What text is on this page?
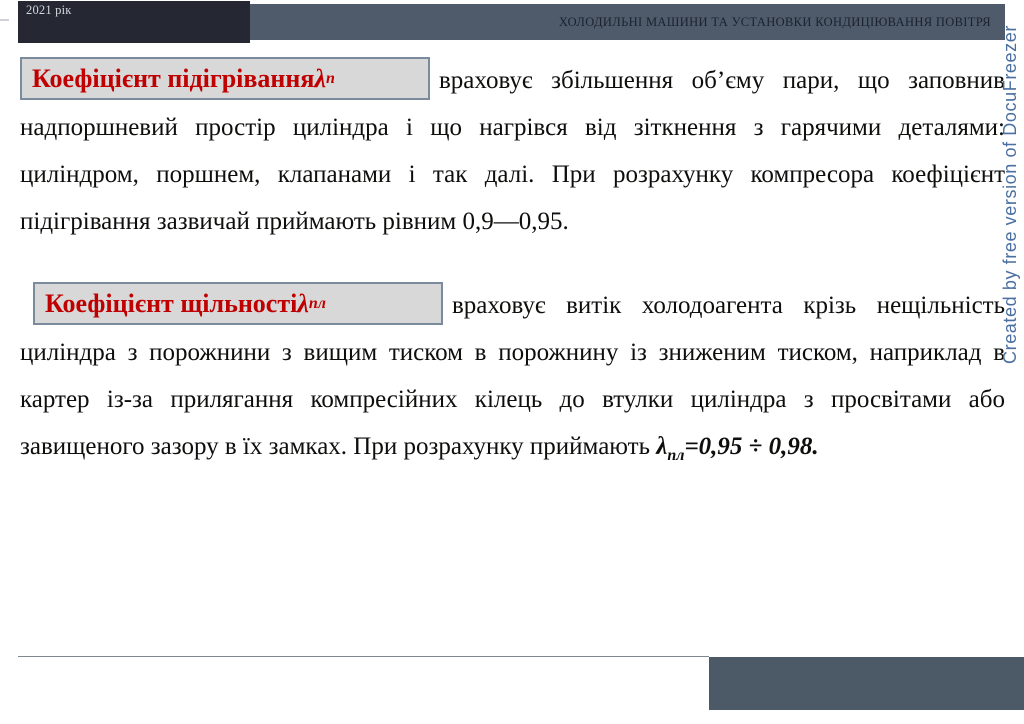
2021 рік
ХОЛОДИЛЬНІ МАШИНИ ТА УСТАНОВКИ КОНДИЦІЮВАННЯ ПОВІТРЯ
Created by free version of DocuFreezer
Коефіцієнт підігрівання λ п	враховує збільшення об’єму пари, що заповнив надпоршневий простір циліндра і що нагрівся від зіткнення з гарячими деталями: циліндром, поршнем, клапанами і так далі. При розрахунку компресора коефіцієнт підігрівання зазвичай приймають рівним 0,9—0,95.
Коефіцієнт щільності λ пл	враховує витік холодоагента крізь нещільність циліндра з порожнини з вищим тиском в порожнину із зниженим тиском, наприклад в картер із-за прилягання компресійних кілець до втулки циліндра з просвітами або завищеного зазору в їх замках. При розрахунку приймають $\lambda_{пл}=0,95 \div 0,98$.
